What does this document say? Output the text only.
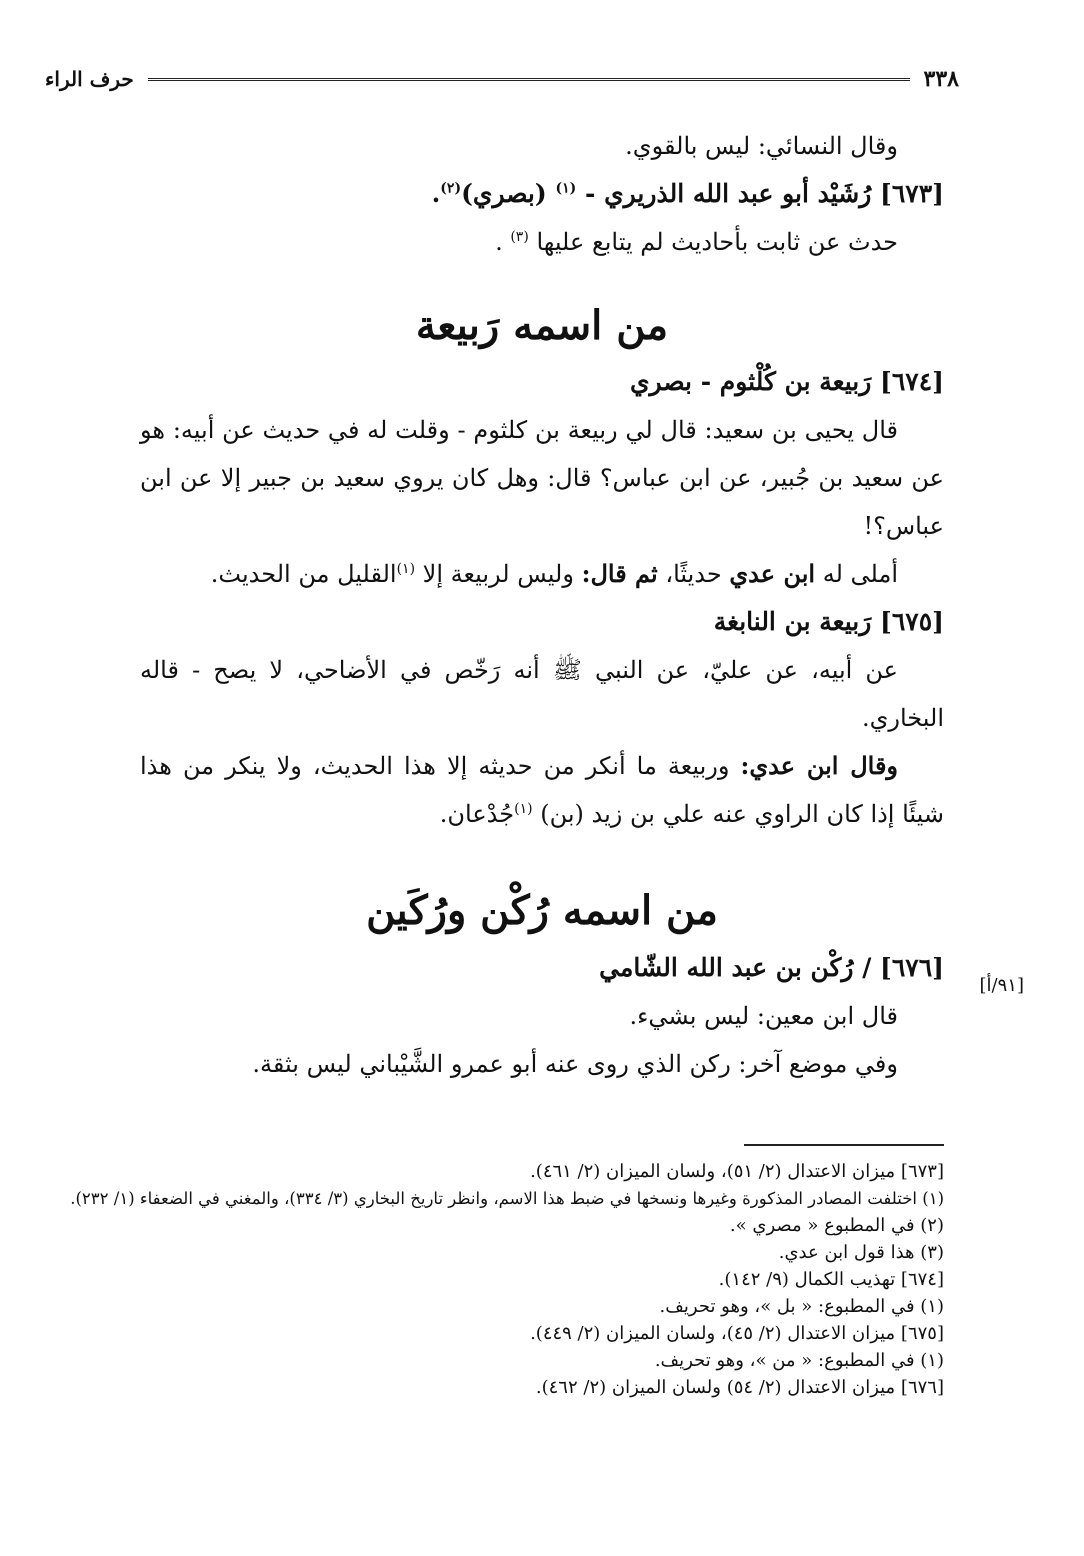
٣٣٨
حرف الراء

وقال النسائي: ليس بالقوي.

[٦٧٣] رُشَيْد أبو عبد الله الذريري - $^{(١)}$ (بصري)$^{(٢)}$.

حدث عن ثابت بأحاديث لم يتابع عليها $^{(٣)}$ .

من اسمه رَبيعة

[٦٧٤] رَبيعة بن كُلْثوم - بصري

قال يحيى بن سعيد: قال لي ربيعة بن كلثوم - وقلت له في حديث عن أبيه: هو عن سعيد بن جُبير، عن ابن عباس؟ قال: وهل كان يروي سعيد بن جبير إلا عن ابن عباس؟!

أملى له ابن عدي حديثًا، ثم قال: وليس لربيعة إلا $^{(١)}$القليل من الحديث.

[٦٧٥] رَبيعة بن النابغة

عن أبيه، عن عليّ، عن النبي ﷺ أنه رَخّص في الأضاحي، لا يصح - قاله البخاري.

وقال ابن عدي: وربيعة ما أنكر من حديثه إلا هذا الحديث، ولا ينكر من هذا شيئًا إذا كان الراوي عنه علي بن زيد (بن) $^{(١)}$جُدْعان.

من اسمه رُكْن ورُكَين

[٦٧٦] / رُكْن بن عبد الله الشّامي

قال ابن معين: ليس بشيء.

وفي موضع آخر: ركن الذي روى عنه أبو عمرو الشَّيْباني ليس بثقة.

[٩١/أ]

[٦٧٣] ميزان الاعتدال (٢/ ٥١)، ولسان الميزان (٢/ ٤٦١).

(١) اختلفت المصادر المذكورة وغيرها ونسخها في ضبط هذا الاسم، وانظر تاريخ البخاري (٣/ ٣٣٤)، والمغني في الضعفاء (١/ ٢٣٢).

(٢) في المطبوع « مصري ».

(٣) هذا قول ابن عدي.

[٦٧٤] تهذيب الكمال (٩/ ١٤٢).

(١) في المطبوع: « بل »، وهو تحريف.

[٦٧٥] ميزان الاعتدال (٢/ ٤٥)، ولسان الميزان (٢/ ٤٤٩).

(١) في المطبوع: « من »، وهو تحريف.

[٦٧٦] ميزان الاعتدال (٢/ ٥٤) ولسان الميزان (٢/ ٤٦٢).
